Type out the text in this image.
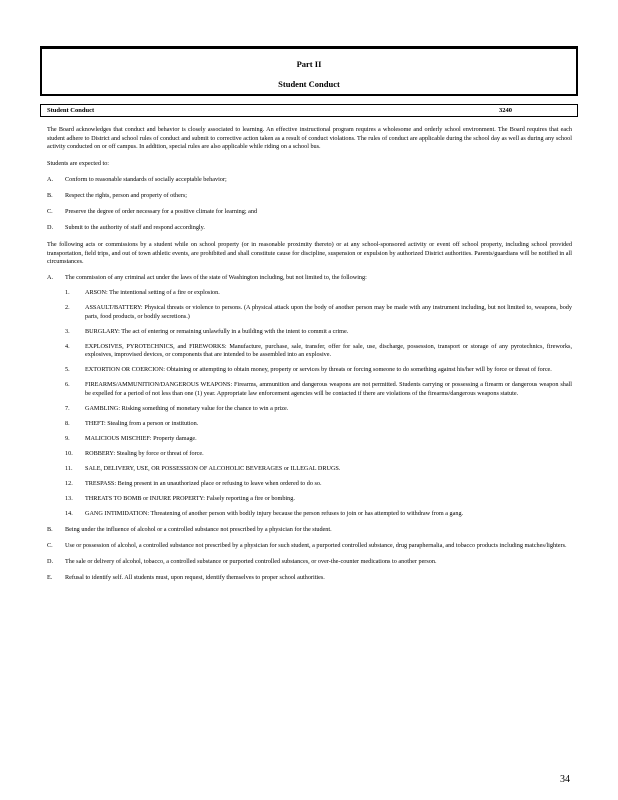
Part II
Student Conduct
Student Conduct	3240

The Board acknowledges that conduct and behavior is closely associated to learning. An effective instructional program requires a wholesome and orderly school environment. The Board requires that each student adhere to District and school rules of conduct and submit to corrective action taken as a result of conduct violations. The rules of conduct are applicable during the school day as well as during any school activity conducted on or off campus. In addition, special rules are also applicable while riding on a school bus.

Students are expected to:

A.	Conform to reasonable standards of socially acceptable behavior;
B.	Respect the rights, person and property of others;
C.	Preserve the degree of order necessary for a positive climate for learning; and
D.	Submit to the authority of staff and respond accordingly.

The following acts or commissions by a student while on school property (or in reasonable proximity thereto) or at any school-sponsored activity or event off school property, including school provided transportation, field trips, and out of town athletic events, are prohibited and shall constitute cause for discipline, suspension or expulsion by authorized District authorities. Parents/guardians will be notified in all circumstances.

A.	The commission of any criminal act under the laws of the state of Washington including, but not limited to, the following:
1.	ARSON: The intentional setting of a fire or explosion.
2.	ASSAULT/BATTERY: Physical threats or violence to persons. (A physical attack upon the body of another person may be made with any instrument including, but not limited to, weapons, body parts, food products, or bodily secretions.)
3.	BURGLARY: The act of entering or remaining unlawfully in a building with the intent to commit a crime.
4.	EXPLOSIVES, PYROTECHNICS, and FIREWORKS: Manufacture, purchase, sale, transfer, offer for sale, use, discharge, possession, transport or storage of any pyrotechnics, fireworks, explosives, improvised devices, or components that are intended to be assembled into an explosive.
5.	EXTORTION OR COERCION: Obtaining or attempting to obtain money, property or services by threats or forcing someone to do something against his/her will by force or threat of force.
6.	FIREARMS/AMMUNITION/DANGEROUS WEAPONS: Firearms, ammunition and dangerous weapons are not permitted. Students carrying or possessing a firearm or dangerous weapon shall be expelled for a period of not less than one (1) year. Appropriate law enforcement agencies will be contacted if there are violations of the firearms/dangerous weapons statute.
7.	GAMBLING: Risking something of monetary value for the chance to win a prize.
8.	THEFT: Stealing from a person or institution.
9.	MALICIOUS MISCHIEF: Property damage.
10.	ROBBERY: Stealing by force or threat of force.
11.	SALE, DELIVERY, USE, OR POSSESSION OF ALCOHOLIC BEVERAGES or ILLEGAL DRUGS.
12.	TRESPASS: Being present in an unauthorized place or refusing to leave when ordered to do so.
13.	THREATS TO BOMB or INJURE PROPERTY: Falsely reporting a fire or bombing.
14.	GANG INTIMIDATION: Threatening of another person with bodily injury because the person refuses to join or has attempted to withdraw from a gang.
B.	Being under the influence of alcohol or a controlled substance not prescribed by a physician for the student.
C.	Use or possession of alcohol, a controlled substance not prescribed by a physician for such student, a purported controlled substance, drug paraphernalia, and tobacco products including matches/lighters.
D.	The sale or delivery of alcohol, tobacco, a controlled substance or purported controlled substances, or over-the-counter medications to another person.
E.	Refusal to identify self. All students must, upon request, identify themselves to proper school authorities.
34
